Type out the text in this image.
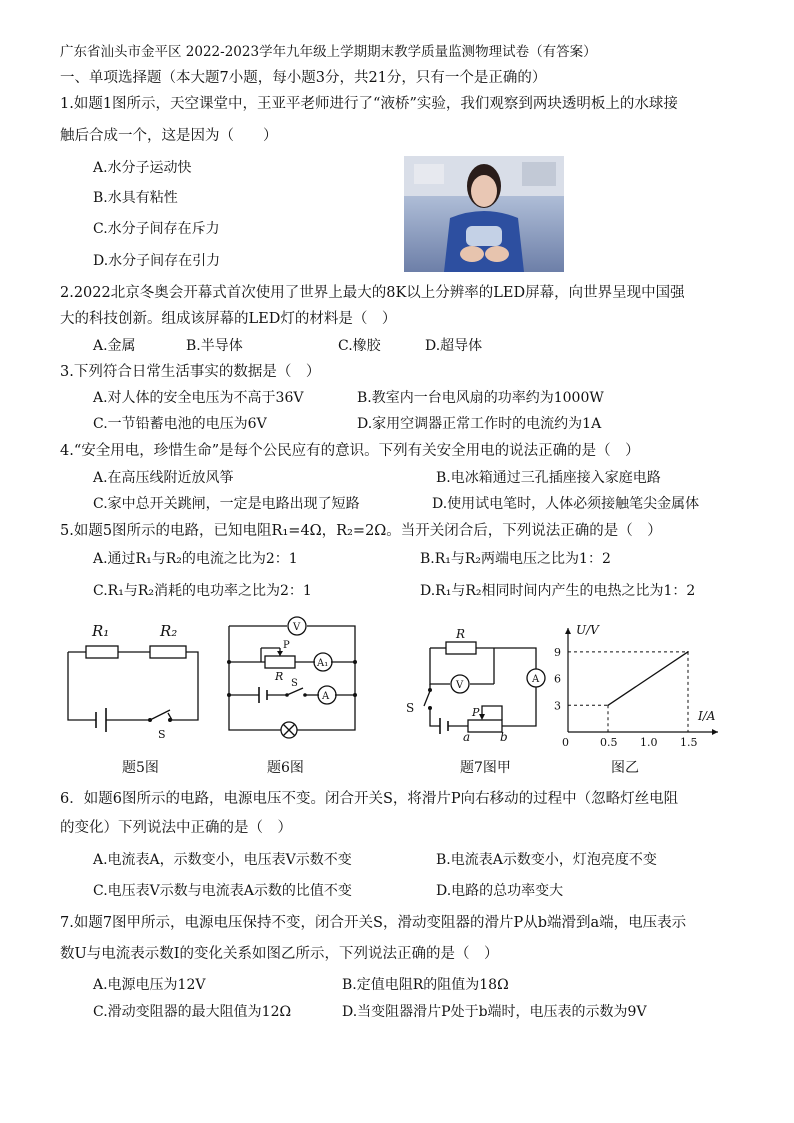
广东省汕头市金平区 2022-2023学年九年级上学期期末教学质量监测物理试卷（有答案）
一、单项选择题（本大题7小题，每小题3分，共21分，只有一个是正确的）
1.如题1图所示，天空课堂中，王亚平老师进行了“液桥”实验，我们观察到两块透明板上的水球接
触后合成一个，这是因为（　　）
A.水分子运动快
B.水具有粘性
C.水分子间存在斥力
D.水分子间存在引力
2.2022北京冬奥会开幕式首次使用了世界上最大的8K以上分辨率的LED屏幕，向世界呈现中国强
大的科技创新。组成该屏幕的LED灯的材料是（　）
A.金属	B.半导体	C.橡胶	D.超导体
3.下列符合日常生活事实的数据是（　）
A.对人体的安全电压为不高于36V	B.教室内一台电风扇的功率约为1000W
C.一节铅蓄电池的电压为6V	D.家用空调器正常工作时的电流约为1A
4.“安全用电，珍惜生命”是每个公民应有的意识。下列有关安全用电的说法正确的是（　）
A.在高压线附近放风筝	B.电冰箱通过三孔插座接入家庭电路
C.家中总开关跳闸，一定是电路出现了短路	D.使用试电笔时，人体必须接触笔尖金属体
5.如题5图所示的电路，已知电阻R₁=4Ω，R₂=2Ω。当开关闭合后，下列说法正确的是（　）
A.通过R₁与R₂的电流之比为2：1	B.R₁与R₂两端电压之比为1：2
C.R₁与R₂消耗的电功率之比为2：1	D.R₁与R₂相同时间内产生的电热之比为1：2
R₁	R₂
S
题5图
V
A₁
A
P
R
S
题6图
R
V
A
S	P
a b
题7图甲
U/V
I/A
0	0.5 1.0 1.5
3
6
9
图乙
6．如题6图所示的电路，电源电压不变。闭合开关S，将滑片P向右移动的过程中（忽略灯丝电阻
的变化）下列说法中正确的是（　）
A.电流表A，示数变小，电压表V示数不变	B.电流表A示数变小，灯泡亮度不变
C.电压表V示数与电流表A示数的比值不变	D.电路的总功率变大
7.如题7图甲所示，电源电压保持不变，闭合开关S，滑动变阻器的滑片P从b端滑到a端，电压表示
数U与电流表示数I的变化关系如图乙所示，下列说法正确的是（　）
A.电源电压为12V	B.定值电阻R的阻值为18Ω
C.滑动变阻器的最大阻值为12Ω	D.当变阻器滑片P处于b端时，电压表的示数为9V
